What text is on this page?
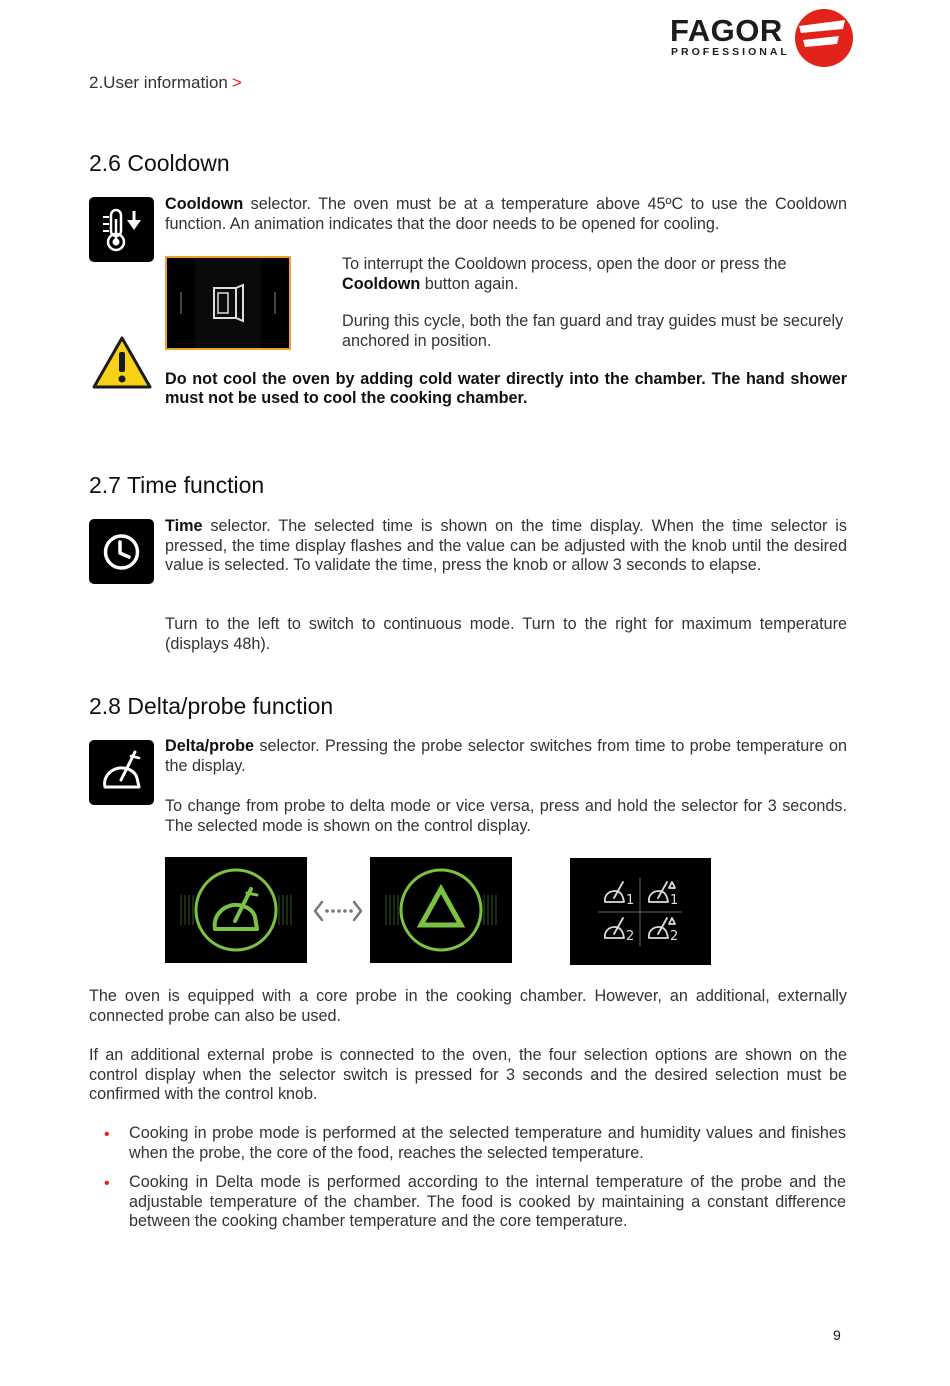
FAGOR
PROFESSIONAL
2.User information >
2.6 Cooldown

Cooldown selector. The oven must be at a temperature above 45ºC to use the Cooldown function. An animation indicates that the door needs to be opened for cooling.

To interrupt the Cooldown process, open the door or press the Cooldown button again.

During this cycle, both the fan guard and tray guides must be securely anchored in position.

Do not cool the oven by adding cold water directly into the chamber. The hand shower must not be used to cool the cooking chamber.

2.7 Time function

Time selector. The selected time is shown on the time display. When the time selector is pressed, the time display flashes and the value can be adjusted with the knob until the desired value is selected. To validate the time, press the knob or allow 3 seconds to elapse.

Turn to the left to switch to continuous mode. Turn to the right for maximum temperature (displays 48h).

2.8 Delta/probe function

Delta/probe selector. Pressing the probe selector switches from time to probe temperature on the display.

To change from probe to delta mode or vice versa, press and hold the selector for 3 seconds. The selected mode is shown on the control display.

1	1
2	2

The oven is equipped with a core probe in the cooking chamber. However, an additional, externally connected probe can also be used.

If an additional external probe is connected to the oven, the four selection options are shown on the control display when the selector switch is pressed for 3 seconds and the desired selection must be confirmed with the control knob.

• Cooking in probe mode is performed at the selected temperature and humidity values and finishes when the probe, the core of the food, reaches the selected temperature.
• Cooking in Delta mode is performed according to the internal temperature of the probe and the adjustable temperature of the chamber. The food is cooked by maintaining a constant difference between the cooking chamber temperature and the core temperature.
9
